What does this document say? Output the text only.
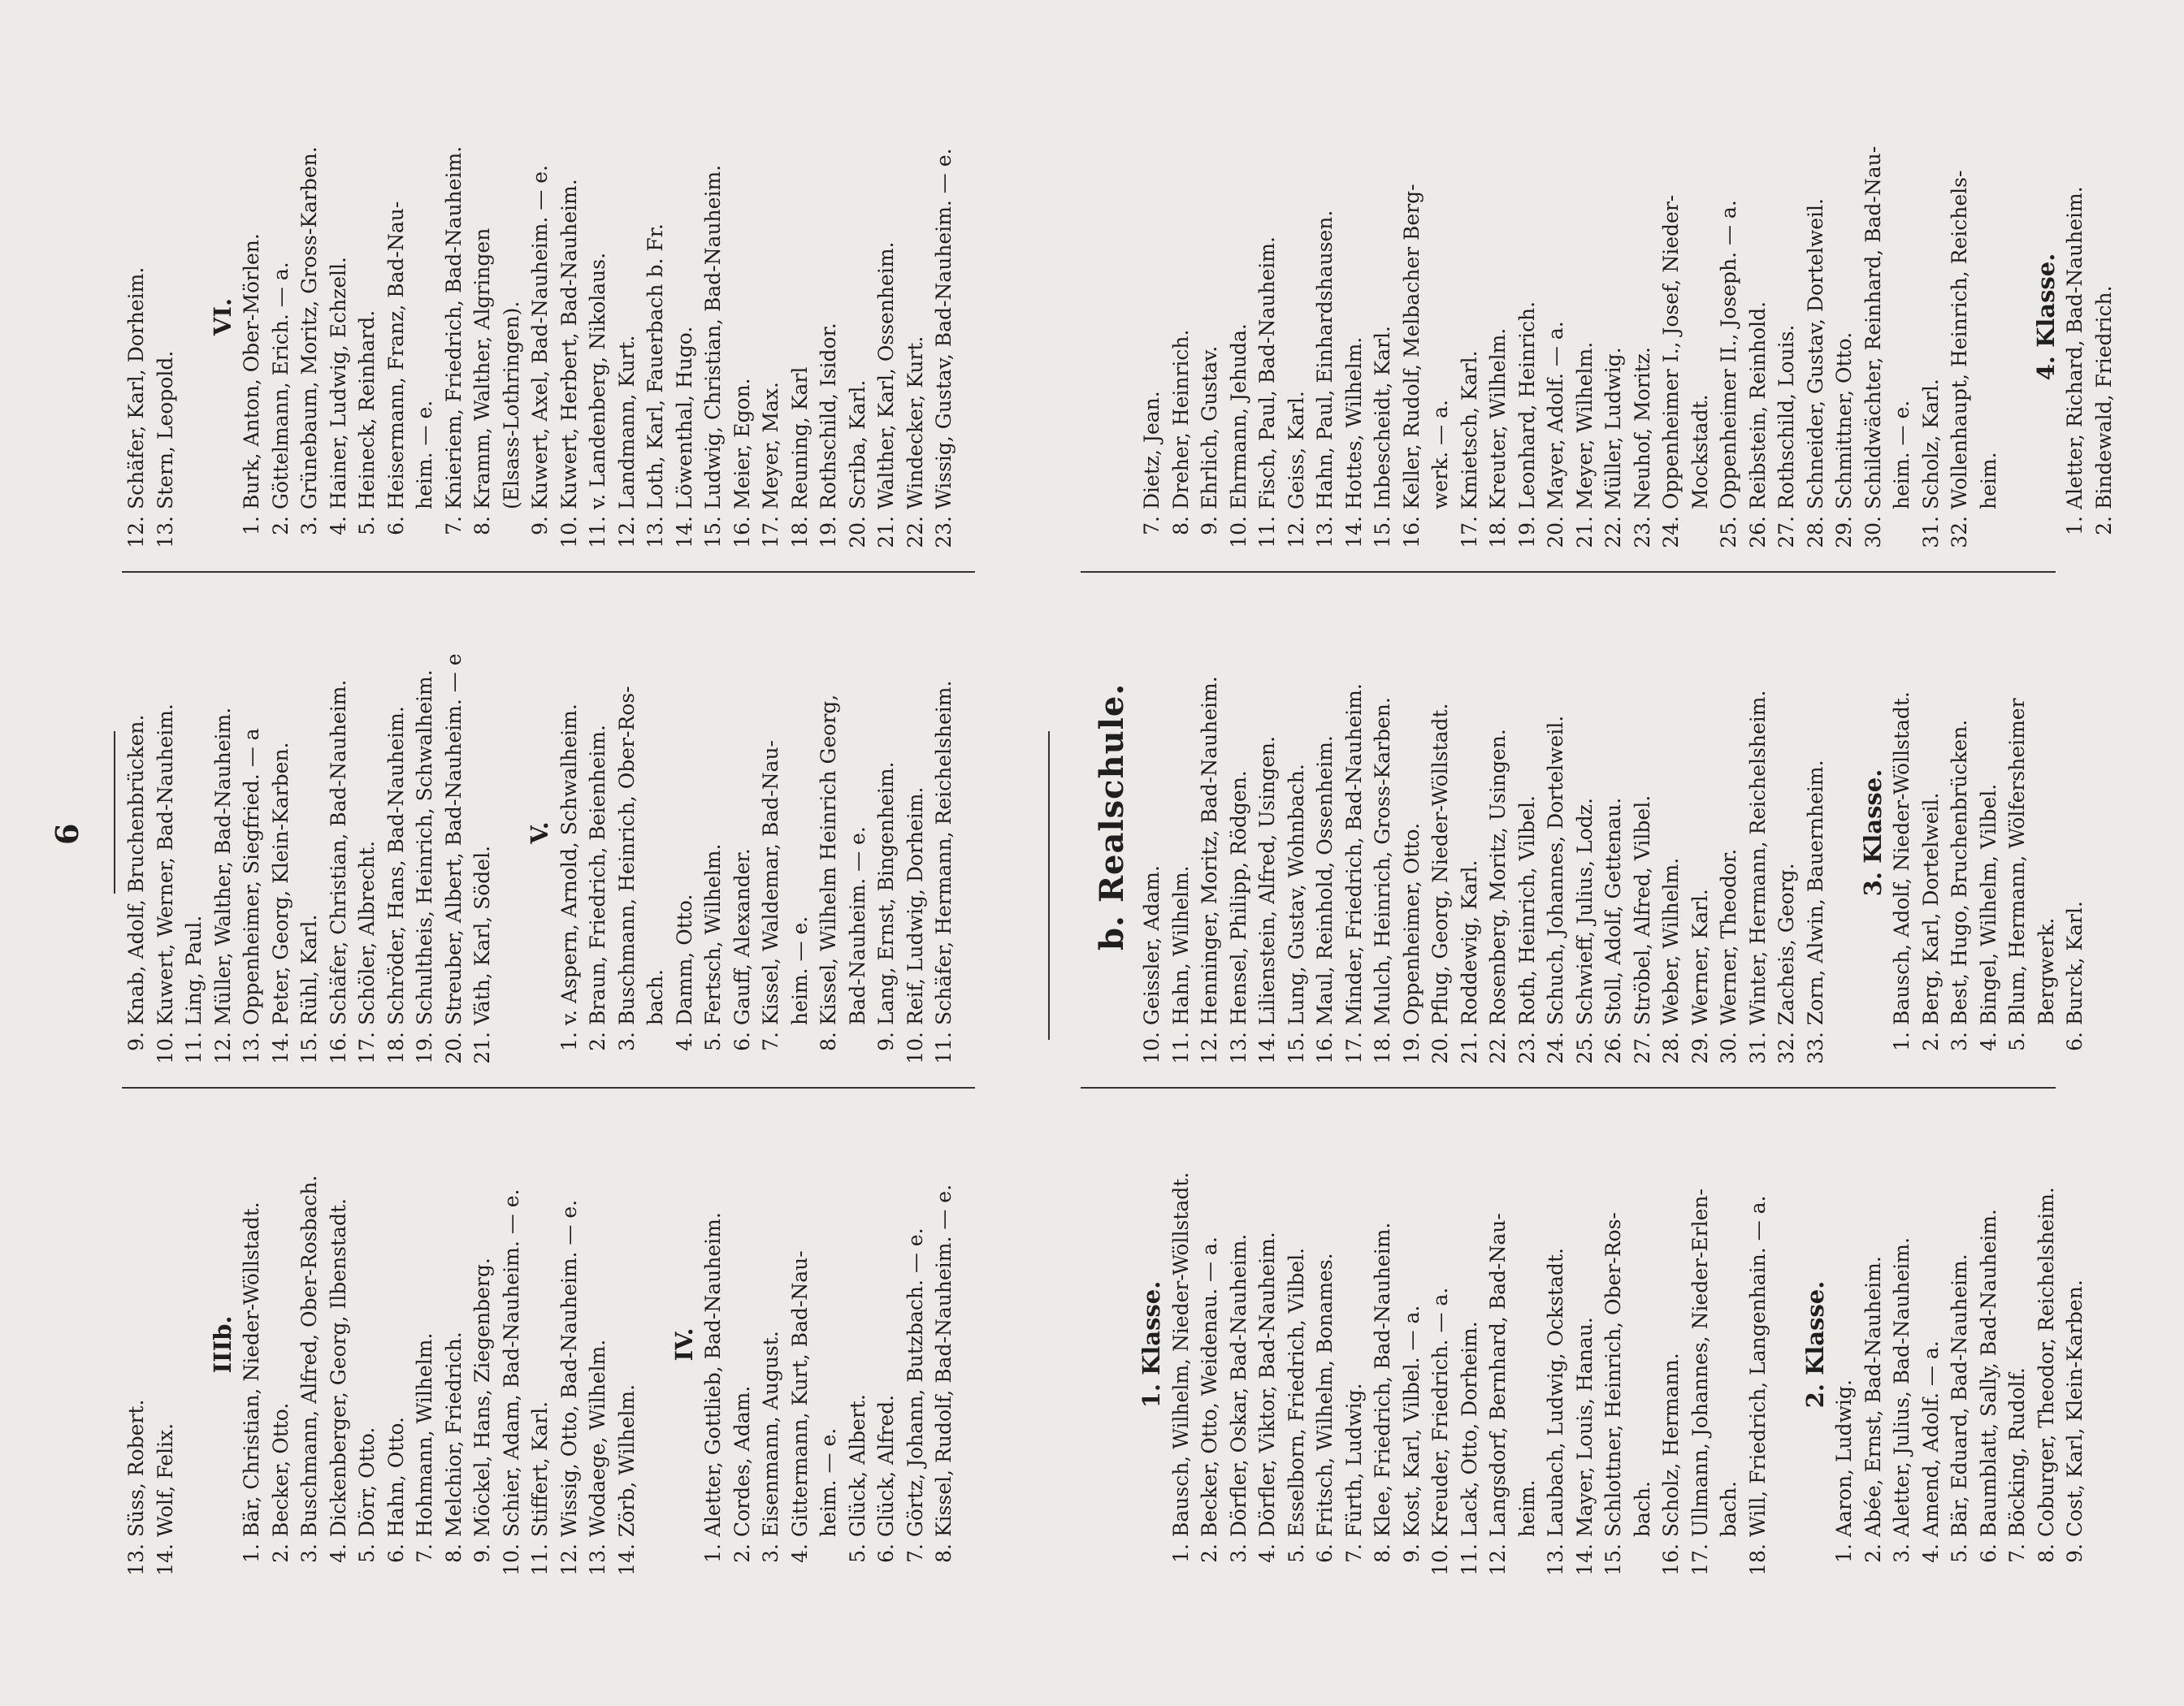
6
13.Süss, Robert.
14.Wolf, Felix.
IIIb.
1.Bär, Christian, Nieder-Wöllstadt.
2.Becker, Otto.
3.Buschmann, Alfred, Ober-Rosbach.
4.Dickenberger, Georg, Ilbenstadt.
5.Dörr, Otto.
6.Hahn, Otto.
7.Hohmann, Wilhelm.
8.Melchior, Friedrich.
9.Möckel, Hans, Ziegenberg.
10.Schier, Adam, Bad-Nauheim. — e.
11.Stiffert, Karl.
12.Wissig, Otto, Bad-Nauheim. — e.
13.Wodaege, Wilhelm.
14.Zörb, Wilhelm.
IV.
1.Aletter, Gottlieb, Bad-Nauheim.
2.Cordes, Adam.
3.Eisenmann, August.
4.Gittermann, Kurt, Bad-Nau- heim. — e.
5.Glück, Albert.
6.Glück, Alfred.
7.Görtz, Johann, Butzbach. — e.
8.Kissel, Rudolf, Bad-Nauheim. — e.
9.Knab, Adolf, Bruchenbrücken.
10.Kuwert, Werner, Bad-Nauheim.
11.Ling, Paul.
12.Müller, Walther, Bad-Nauheim.
13.Oppenheimer, Siegfried. — a
14.Peter, Georg, Klein-Karben.
15.Rühl, Karl.
16.Schäfer, Christian, Bad-Nauheim.
17.Schöler, Albrecht.
18.Schröder, Hans, Bad-Nauheim.
19.Schultheis, Heinrich, Schwalheim.
20.Streuber, Albert, Bad-Nauheim. — e
21.Väth, Karl, Södel.
V.
1.v. Aspern, Arnold, Schwalheim.
2.Braun, Friedrich, Beienheim.
3.Buschmann, Heinrich, Ober-Ros- bach.
4.Damm, Otto.
5.Fertsch, Wilhelm.
6.Gauff, Alexander.
7.Kissel, Waldemar, Bad-Nau- heim. — e.
8.Kissel, Wilhelm Heinrich Georg, Bad-Nauheim. — e.
9.Lang, Ernst, Bingenheim.
10.Reif, Ludwig, Dorheim.
11.Schäfer, Hermann, Reichelsheim.
12.Schäfer, Karl, Dorheim.
13.Stern, Leopold.
VI.
1.Burk, Anton, Ober-Mörlen.
2.Göttelmann, Erich. — a.
3.Grünebaum, Moritz, Gross-Karben.
4.Hainer, Ludwig, Echzell.
5.Heineck, Reinhard.
6.Heisermann, Franz, Bad-Nau- heim. — e.
7.Knieriem, Friedrich, Bad-Nauheim.
8.Kramm, Walther, Algringen (Elsass-Lothringen).
9.Kuwert, Axel, Bad-Nauheim. — e.
10.Kuwert, Herbert, Bad-Nauheim.
11.v. Landenberg, Nikolaus.
12.Landmann, Kurt.
13.Loth, Karl, Fauerbach b. Fr.
14.Löwenthal, Hugo.
15.Ludwig, Christian, Bad-Nauheim.
16.Meier, Egon.
17.Meyer, Max.
18.Reuning, Karl
19.Rothschild, Isidor.
20.Scriba, Karl.
21.Walther, Karl, Ossenheim.
22.Windecker, Kurt.
23.Wissig, Gustav, Bad-Nauheim. — e.
b. Realschule.
1. Klasse.
1.Bausch, Wilhelm, Nieder-Wöllstadt.
2.Becker, Otto, Weidenau. — a.
3.Dörfler, Oskar, Bad-Nauheim.
4.Dörfler, Viktor, Bad-Nauheim.
5.Esselborn, Friedrich, Vilbel.
6.Fritsch, Wilhelm, Bonames.
7.Fürth, Ludwig.
8.Klee, Friedrich, Bad-Nauheim.
9.Kost, Karl, Vilbel. — a.
10.Kreuder, Friedrich. — a.
11.Lack, Otto, Dorheim.
12.Langsdorf, Bernhard, Bad-Nau- heim.
13.Laubach, Ludwig, Ockstadt.
14.Mayer, Louis, Hanau.
15.Schlottner, Heinrich, Ober-Ros- bach.
16.Scholz, Hermann.
17.Ullmann, Johannes, Nieder-Erlen- bach.
18.Will, Friedrich, Langenhain. — a. 2. Klasse.
1.Aaron, Ludwig.
2.Abée, Ernst, Bad-Nauheim.
3.Aletter, Julius, Bad-Nauheim.
4.Amend, Adolf. — a.
5.Bär, Eduard, Bad-Nauheim.
6.Baumblatt, Sally, Bad-Nauheim.
7.Böcking, Rudolf.
8.Coburger, Theodor, Reichelsheim.
9.Cost, Karl, Klein-Karben.
10.Geissler, Adam.
11.Hahn, Wilhelm.
12.Henninger, Moritz, Bad-Nauheim.
13.Hensel, Philipp, Rödgen.
14.Lilienstein, Alfred, Usingen.
15.Lung, Gustav, Wohnbach.
16.Maul, Reinhold, Ossenheim.
17.Minder, Friedrich, Bad-Nauheim.
18.Mulch, Heinrich, Gross-Karben.
19.Oppenheimer, Otto.
20.Pflug, Georg, Nieder-Wöllstadt.
21.Roddewig, Karl.
22.Rosenberg, Moritz, Usingen.
23.Roth, Heinrich, Vilbel.
24.Schuch, Johannes, Dortelweil.
25.Schwieff, Julius, Lodz.
26.Stoll, Adolf, Gettenau.
27.Ströbel, Alfred, Vilbel.
28.Weber, Wilhelm.
29.Werner, Karl.
30.Werner, Theodor.
31.Winter, Hermann, Reichelsheim.
32.Zacheis, Georg.
33.Zorn, Alwin, Bauernheim. 3. Klasse.
1.Bausch, Adolf, Nieder-Wöllstadt.
2.Berg, Karl, Dortelweil.
3.Best, Hugo, Bruchenbrücken.
4.Bingel, Wilhelm, Vilbel.
5.Blum, Hermann, Wölfersheimer Bergwerk.
6.Burck, Karl.
7.Dietz, Jean.
8.Dreher, Heinrich.
9.Ehrlich, Gustav.
10.Ehrmann, Jehuda.
11.Fisch, Paul, Bad-Nauheim.
12.Geiss, Karl.
13.Hahn, Paul, Einhardshausen.
14.Hottes, Wilhelm.
15.Inbescheidt, Karl.
16.Keller, Rudolf, Melbacher Berg- werk. — a.
17.Kmietsch, Karl.
18.Kreuter, Wilhelm.
19.Leonhard, Heinrich.
20.Mayer, Adolf. — a.
21.Meyer, Wilhelm.
22.Müller, Ludwig.
23.Neuhof, Moritz.
24.Oppenheimer I., Josef, Nieder- Mockstadt.
25.Oppenheimer II., Joseph. — a.
26.Reibstein, Reinhold.
27.Rothschild, Louis.
28.Schneider, Gustav, Dortelweil.
29.Schmittner, Otto.
30.Schildwächter, Reinhard, Bad-Nau- heim. — e.
31.Scholz, Karl.
32.Wollenhaupt, Heinrich, Reichels- heim.
4. Klasse.
1.Aletter, Richard, Bad-Nauheim.
2.Bindewald, Friedrich.
